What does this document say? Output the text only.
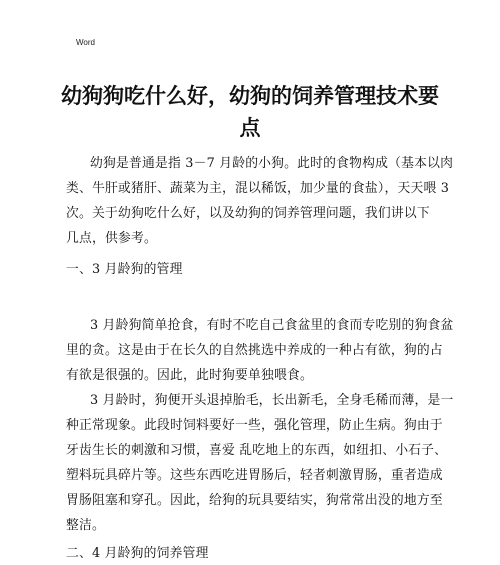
Word
幼狗狗吃什么好，幼狗的饲养管理技术要
点
幼狗是普通是指 3－7 月龄的小狗。此时的食物构成（基本以肉
类、牛肝或猪肝、蔬菜为主，混以稀饭，加少量的食盐），天天喂 3
次。关于幼狗吃什么好，以及幼狗的饲养管理问题，我们讲以下
几点，供参考。
一、3 月龄狗的管理
3 月龄狗简单抢食，有时不吃自己食盆里的食而专吃别的狗食盆
里的贪。这是由于在长久的自然挑选中养成的一种占有欲，狗的占
有欲是很强的。因此，此时狗要单独喂食。
3 月龄时，狗便开头退掉胎毛，长出新毛，全身毛稀而薄，是一
种正常现象。此段时饲料要好一些，强化管理，防止生病。狗由于
牙齿生长的刺激和习惯，喜爱 乱吃地上的东西，如纽扣、小石子、
塑料玩具碎片等。这些东西吃进胃肠后，轻者刺激胃肠，重者造成
胃肠阻塞和穿孔。因此，给狗的玩具要结实，狗常常出没的地方至
整洁。
二、4 月龄狗的饲养管理
